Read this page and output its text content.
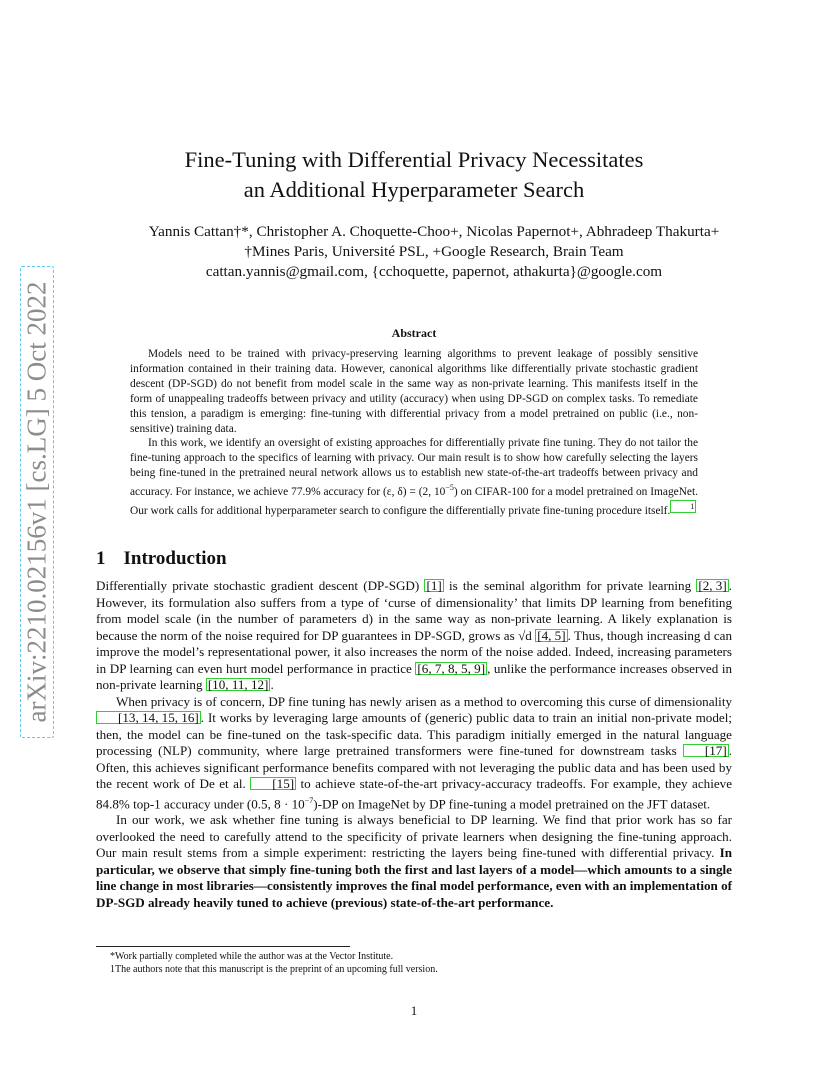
arXiv:2210.02156v1 [cs.LG] 5 Oct 2022
Fine-Tuning with Differential Privacy Necessitates
an Additional Hyperparameter Search
Yannis Cattan†*, Christopher A. Choquette-Choo+, Nicolas Papernot+, Abhradeep Thakurta+
†Mines Paris, Université PSL, +Google Research, Brain Team
cattan.yannis@gmail.com, {cchoquette, papernot, athakurta}@google.com
Abstract

Models need to be trained with privacy-preserving learning algorithms to prevent leakage of possibly sensitive information contained in their training data. However, canonical algorithms like differentially private stochastic gradient descent (DP-SGD) do not benefit from model scale in the same way as non-private learning. This manifests itself in the form of unappealing tradeoffs between privacy and utility (accuracy) when using DP-SGD on complex tasks. To remediate this tension, a paradigm is emerging: fine-tuning with differential privacy from a model pretrained on public (i.e., non-sensitive) training data.

In this work, we identify an oversight of existing approaches for differentially private fine tuning. They do not tailor the fine-tuning approach to the specifics of learning with privacy. Our main result is to show how carefully selecting the layers being fine-tuned in the pretrained neural network allows us to establish new state-of-the-art tradeoffs between privacy and accuracy. For instance, we achieve 77.9% accuracy for (ε, δ) = (2, $10^{-5}$) on CIFAR-100 for a model pretrained on ImageNet. Our work calls for additional hyperparameter search to configure the differentially private fine-tuning procedure itself.	$^1$

1 Introduction

Differentially private stochastic gradient descent (DP-SGD) [1] is the seminal algorithm for private learning [2, 3] . However, its formulation also suffers from a type of ‘curse of dimensionality’ that limits DP learning from benefiting from model scale (in the number of parameters d) in the same way as non-private learning. A likely explanation is because the norm of the noise required for DP guarantees in DP-SGD, grows as √d [4, 5] . Thus, though increasing d can improve the model’s representational power, it also increases the norm of the noise added. Indeed, increasing parameters in DP learning can even hurt model performance in practice [6, 7, 8, 5, 9] , unlike the performance increases observed in non-private learning [10, 11, 12] .

When privacy is of concern, DP fine tuning has newly arisen as a method to overcoming this curse of dimensionality [13, 14, 15, 16] . It works by leveraging large amounts of (generic) public data to train an initial non-private model; then, the model can be fine-tuned on the task-specific data. This paradigm initially emerged in the natural language processing (NLP) community, where large pretrained transformers were fine-tuned for downstream tasks [17] . Often, this achieves significant performance benefits compared with not leveraging the public data and has been used by the recent work of De et al. [15] to achieve state-of-the-art privacy-accuracy tradeoffs. For example, they achieve 84.8% top-1 accuracy under (0.5, $8 \cdot 10^{-7})-DP$ on ImageNet by DP fine-tuning a model pretrained on the JFT dataset.

In our work, we ask whether fine tuning is always beneficial to DP learning. We find that prior work has so far overlooked the need to carefully attend to the specificity of private learners when designing the fine-tuning approach. Our main result stems from a simple experiment: restricting the layers being fine-tuned with differential privacy. In particular, we observe that simply fine-tuning both the first and last layers of a model—which amounts to a single line change in most libraries—consistently improves the final model performance, even with an implementation of DP-SGD already heavily tuned to achieve (previous) state-of-the-art performance.

*Work partially completed while the author was at the Vector Institute.
1The authors note that this manuscript is the preprint of an upcoming full version.
1
